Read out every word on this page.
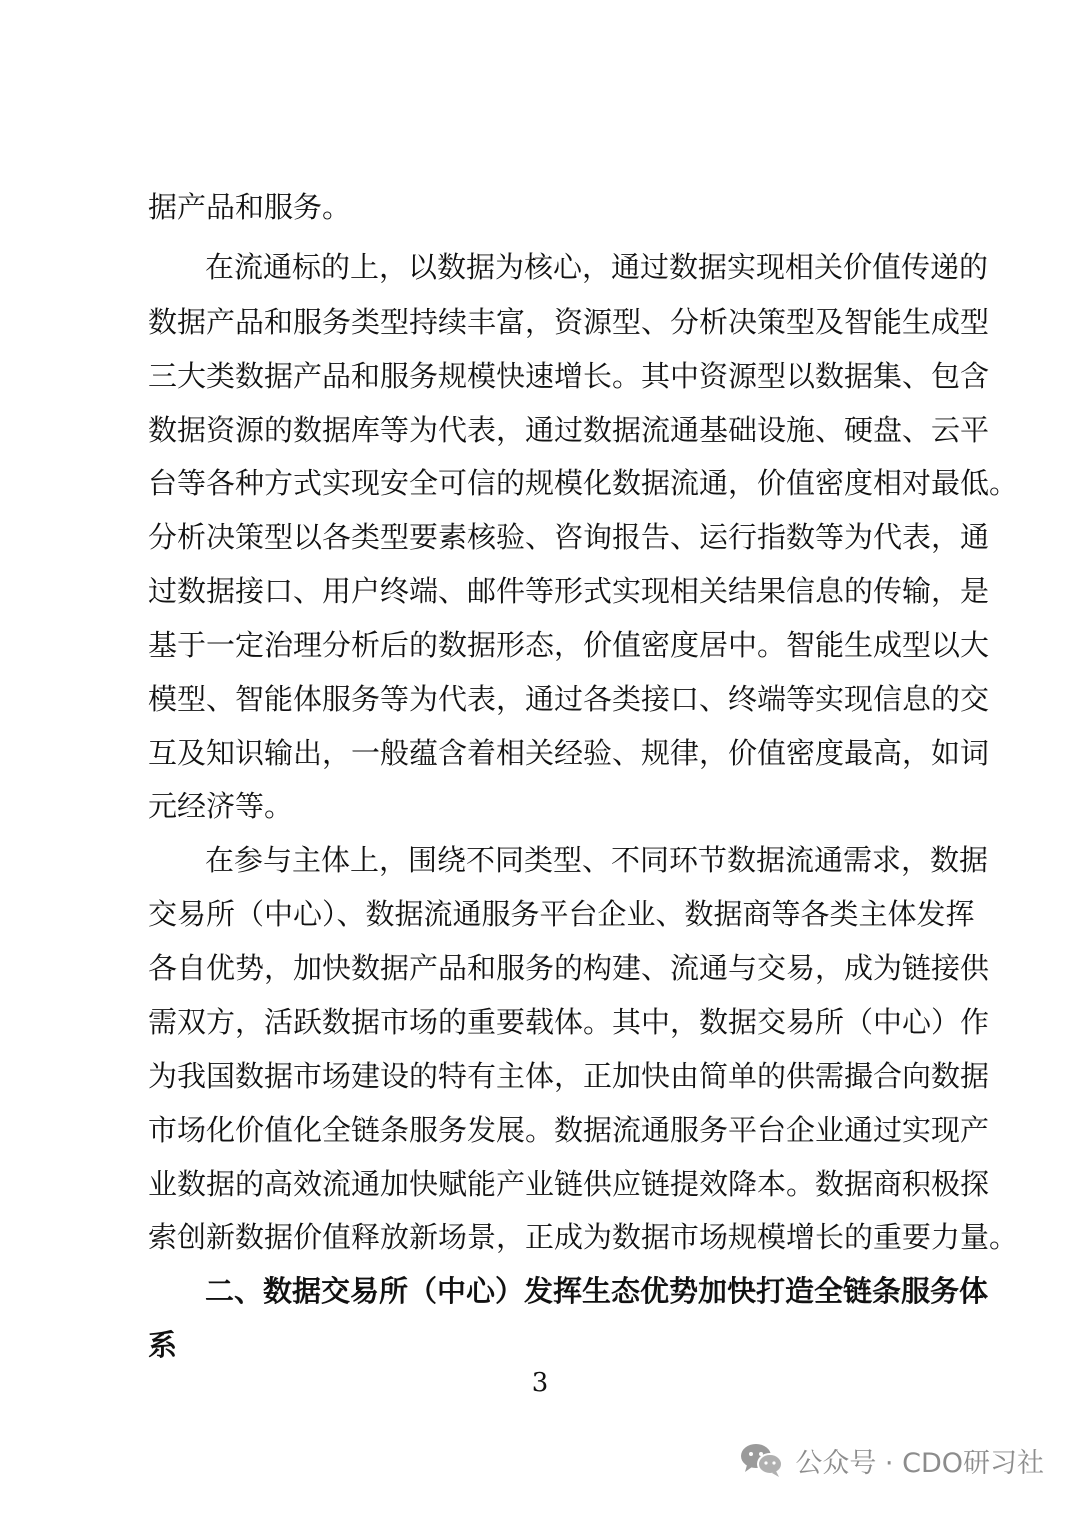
据产品和服务。
在流通标的上，以数据为核心，通过数据实现相关价值传递的
数据产品和服务类型持续丰富，资源型、分析决策型及智能生成型
三大类数据产品和服务规模快速增长。其中资源型以数据集、包含
数据资源的数据库等为代表，通过数据流通基础设施、硬盘、云平
台等各种方式实现安全可信的规模化数据流通，价值密度相对最低。
分析决策型以各类型要素核验、咨询报告、运行指数等为代表，通
过数据接口、用户终端、邮件等形式实现相关结果信息的传输，是
基于一定治理分析后的数据形态，价值密度居中。智能生成型以大
模型、智能体服务等为代表，通过各类接口、终端等实现信息的交
互及知识输出，一般蕴含着相关经验、规律，价值密度最高，如词
元经济等。
在参与主体上，围绕不同类型、不同环节数据流通需求，数据
交易所（中心）、数据流通服务平台企业、数据商等各类主体发挥
各自优势，加快数据产品和服务的构建、流通与交易，成为链接供
需双方，活跃数据市场的重要载体。其中，数据交易所（中心）作
为我国数据市场建设的特有主体，正加快由简单的供需撮合向数据
市场化价值化全链条服务发展。数据流通服务平台企业通过实现产
业数据的高效流通加快赋能产业链供应链提效降本。数据商积极探
索创新数据价值释放新场景，正成为数据市场规模增长的重要力量。
二、数据交易所（中心）发挥生态优势加快打造全链条服务体
系
3
公众号 · CDO研习社
